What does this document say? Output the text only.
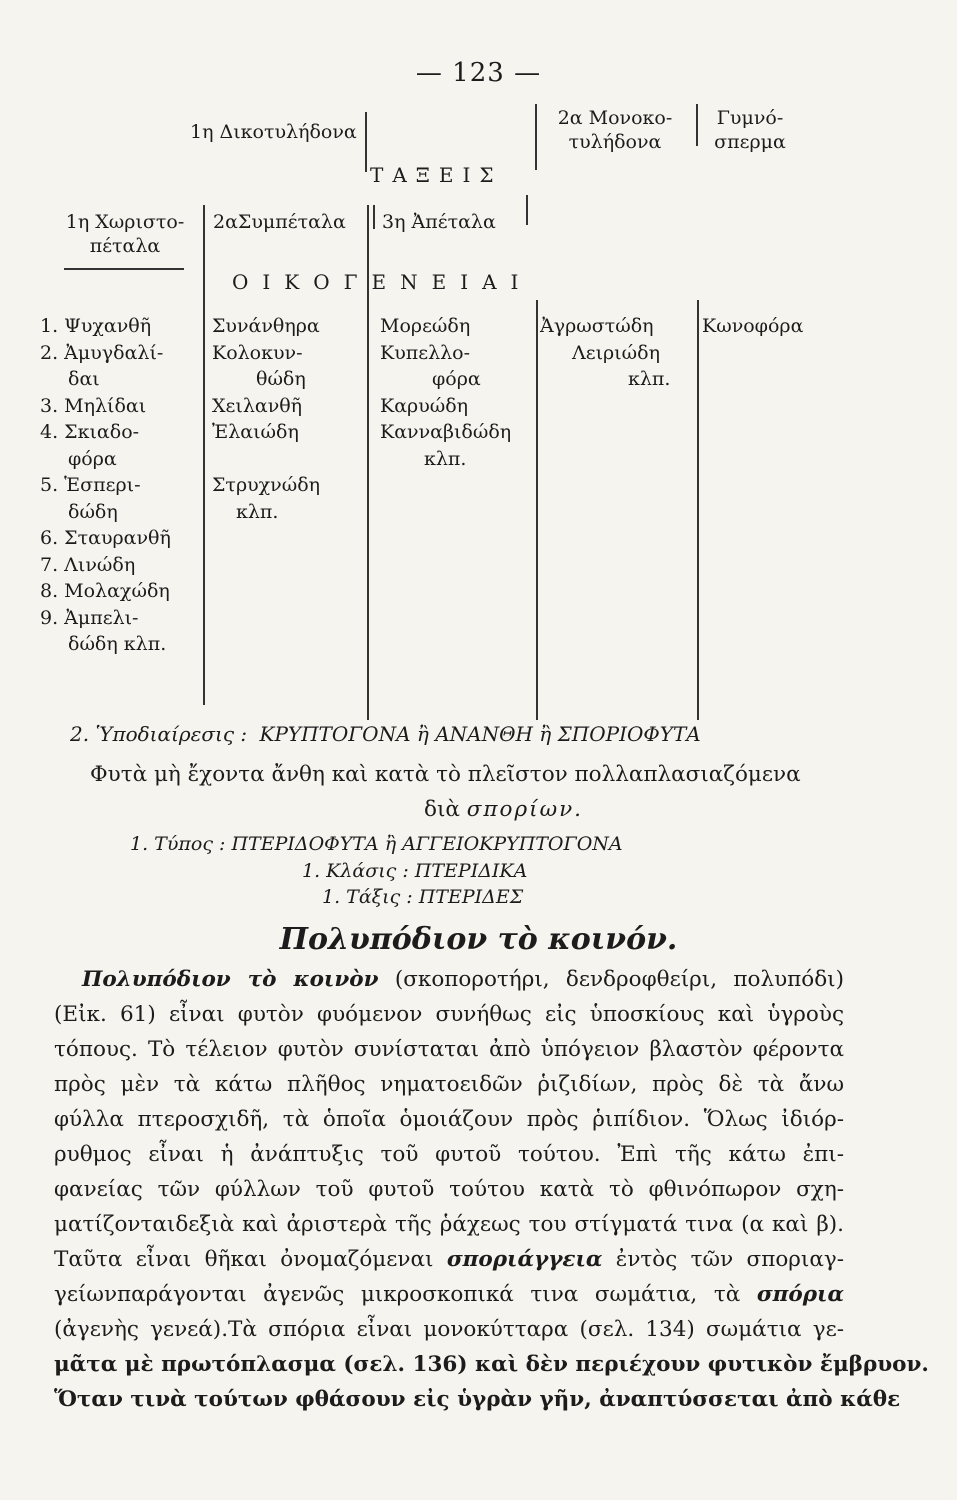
— 123 —
1η Δικοτυλήδονα
2α Μονοκο-
τυλήδονα
Γυμνό-
σπερμα
ΤΑΞΕΙΣ
1η Χωριστο-
πέταλα
2αΣυμπέταλα 3η Ἀπέταλα
ΟΙΚΟΓΕΝΕΙΑΙ
1. Ψυχανθῆ
2. Ἀμυγδαλί-
δαι
3. Μηλίδαι
4. Σκιαδο-
φόρα
5. Ἑσπερι-
δώδη
6. Σταυρανθῆ
7. Λινώδη
8. Μολαχώδη
9. Ἀμπελι-
δώδη κλπ.
Συνάνθηρα
Κολοκυν-
θώδη
Χειλανθῆ
Ἐλαιώδη
Στρυχνώδη
κλπ.
Μορεώδη
Κυπελλο-
φόρα
Καρυώδη
Κανναβιδώδη
κλπ.
Ἀγρωστώδη
Λειριώδη
κλπ.
Κωνοφόρα
2. Ὑποδιαίρεσις : ΚΡΥΠΤΟΓΟΝΑ ἢ ΑΝΑΝΘΗ ἢ ΣΠΟΡΙΟΦΥΤΑ
Φυτὰ μὴ ἔχοντα ἄνθη καὶ κατὰ τὸ πλεῖστον πολλαπλασιαζόμενα
διὰ σπορίων.
1. Τύπος : ΠΤΕΡΙΔΟΦΥΤΑ ἢ ΑΓΓΕΙΟΚΡΥΠΤΟΓΟΝΑ
1. Κλάσις : ΠΤΕΡΙΔΙΚΑ
1. Τάξις : ΠΤΕΡΙΔΕΣ
Πολυπόδιον τὸ κοινόν.
Πολυπόδιον τὸ κοινὸν (σκοποροτήρι, δενδροφθείρι, πολυπόδι)
(Εἰκ. 61) εἶναι φυτὸν φυόμενον συνήθως εἰς ὑποσκίους καὶ ὑγροὺς
τόπους. Τὸ τέλειον φυτὸν συνίσταται ἀπὸ ὑπόγειον βλαστὸν φέροντα
πρὸς μὲν τὰ κάτω πλῆθος νηματοειδῶν ῥιζιδίων, πρὸς δὲ τὰ ἄνω
φύλλα πτεροσχιδῆ, τὰ ὁποῖα ὁμοιάζουν πρὸς ῥιπίδιον. Ὅλως ἰδιόρ-
ρυθμος εἶναι ἡ ἀνάπτυξις τοῦ φυτοῦ τούτου. Ἐπὶ τῆς κάτω ἐπι-
φανείας τῶν φύλλων τοῦ φυτοῦ τούτου κατὰ τὸ φθινόπωρον σχη-
ματίζονταιδεξιὰ καὶ ἀριστερὰ τῆς ῥάχεως του στίγματά τινα (α καὶ β).
Ταῦτα εἶναι θῆκαι ὀνομαζόμεναι σποριάγγεια ἐντὸς τῶν σποριαγ-
γείωνπαράγονται ἀγενῶς μικροσκοπικά τινα σωμάτια, τὰ σπόρια
(ἀγενὴς γενεά).Τὰ σπόρια εἶναι μονοκύτταρα (σελ. 134) σωμάτια γε-
μᾶτα μὲ πρωτόπλασμα (σελ. 136) καὶ δὲν περιέχουν φυτικὸν ἔμβρυον.
Ὅταν τινὰ τούτων φθάσουν εἰς ὑγρὰν γῆν, ἀναπτύσσεται ἀπὸ κάθε
